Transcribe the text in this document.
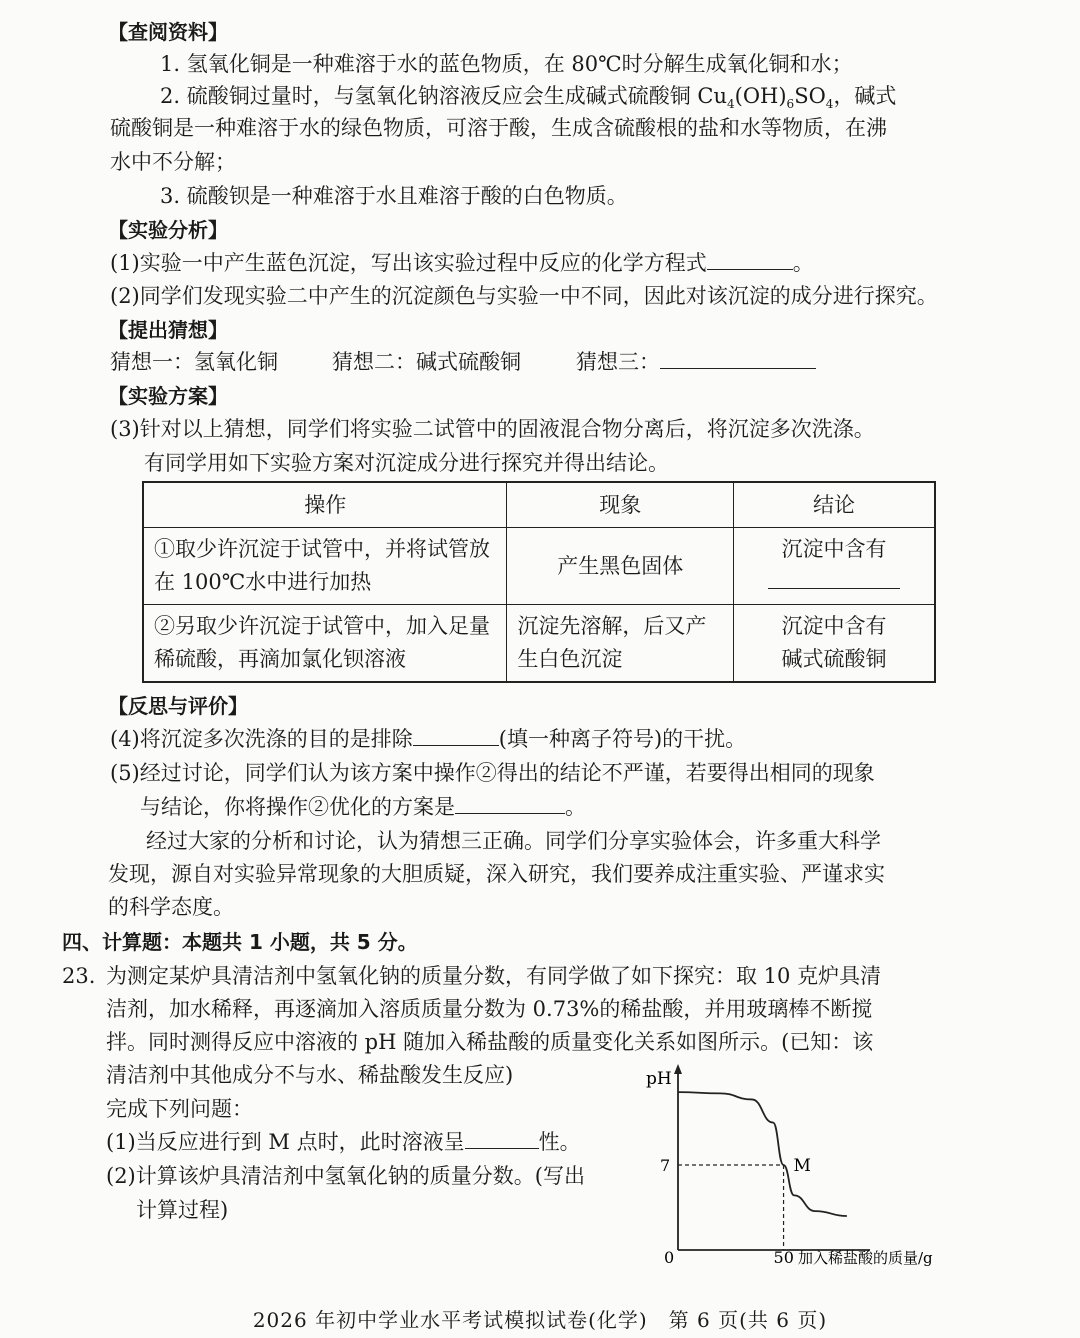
【查阅资料】
1. 氢氧化铜是一种难溶于水的蓝色物质，在 80℃时分解生成氧化铜和水；
2. 硫酸铜过量时，与氢氧化钠溶液反应会生成碱式硫酸铜 $Cu_4(OH)_6SO_4$，碱式
硫酸铜是一种难溶于水的绿色物质，可溶于酸，生成含硫酸根的盐和水等物质，在沸
水中不分解；
3. 硫酸钡是一种难溶于水且难溶于酸的白色物质。
【实验分析】
(1)实验一中产生蓝色沉淀，写出该实验过程中反应的化学方程式	。
(2)同学们发现实验二中产生的沉淀颜色与实验一中不同，因此对该沉淀的成分进行探究。
【提出猜想】
猜想一：氢氧化铜	猜想二：碱式硫酸铜	猜想三：
【实验方案】
(3)针对以上猜想，同学们将实验二试管中的固液混合物分离后，将沉淀多次洗涤。
有同学用如下实验方案对沉淀成分进行探究并得出结论。
操作	现象	结论
①取少许沉淀于试管中，并将试管放在 100℃水中进行加热	产生黑色固体	沉淀中含有

②另取少许沉淀于试管中，加入足量稀硫酸，再滴加氯化钡溶液	沉淀先溶解，后又产生白色沉淀	沉淀中含有碱式硫酸铜
【反思与评价】
(4)将沉淀多次洗涤的目的是排除	(填一种离子符号)的干扰。
(5)经过讨论，同学们认为该方案中操作②得出的结论不严谨，若要得出相同的现象
与结论，你将操作②优化的方案是	。
经过大家的分析和讨论，认为猜想三正确。同学们分享实验体会，许多重大科学
发现，源自对实验异常现象的大胆质疑，深入研究，我们要养成注重实验、严谨求实
的科学态度。
四、计算题：本题共 1 小题，共 5 分。
23. 为测定某炉具清洁剂中氢氧化钠的质量分数，有同学做了如下探究：取 10 克炉具清
洁剂，加水稀释，再逐滴加入溶质质量分数为 0.73%的稀盐酸，并用玻璃棒不断搅
拌。同时测得反应中溶液的 pH 随加入稀盐酸的质量变化关系如图所示。(已知：该
清洁剂中其他成分不与水、稀盐酸发生反应)
完成下列问题：
(1)当反应进行到 M 点时，此时溶液呈	性。
(2)计算该炉具清洁剂中氢氧化钠的质量分数。(写出
计算过程)
pH
0	50
7
加入稀盐酸的质量/g
M
2026 年初中学业水平考试模拟试卷(化学)　第 6 页(共 6 页)
